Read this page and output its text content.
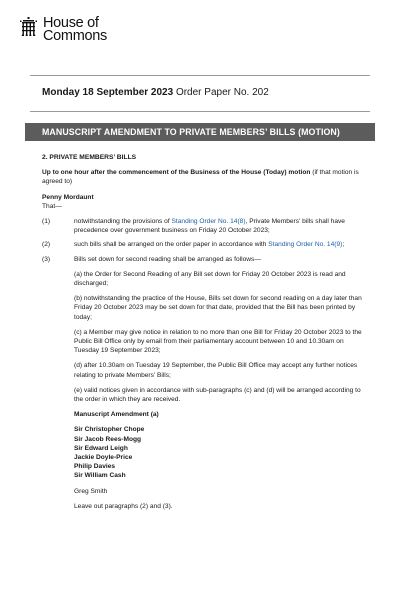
House of
Commons
Monday 18 September 2023 Order Paper No. 202
MANUSCRIPT AMENDMENT TO PRIVATE MEMBERS’ BILLS (MOTION)
2. PRIVATE MEMBERS’ BILLS
Up to one hour after the commencement of the Business of the House (Today) motion (if that motion is agreed to)
Penny Mordaunt
That—
(1)	notwithstanding the provisions of Standing Order No. 14(8), Private Members’ bills shall have precedence over government business on Friday 20 October 2023;
(2)	such bills shall be arranged on the order paper in accordance with Standing Order No. 14(9);
(3)	Bills set down for second reading shall be arranged as follows—
(a) the Order for Second Reading of any Bill set down for Friday 20 October 2023 is read and discharged;
(b) notwithstanding the practice of the House, Bills set down for second reading on a day later than Friday 20 October 2023 may be set down for that date, provided that the Bill has been printed by today;
(c) a Member may give notice in relation to no more than one Bill for Friday 20 October 2023 to the Public Bill Office only by email from their parliamentary account between 10 and 10.30am on Tuesday 19 September 2023;
(d) after 10.30am on Tuesday 19 September, the Public Bill Office may accept any further notices relating to private Members’ Bills;
(e) valid notices given in accordance with sub-paragraphs (c) and (d) will be arranged according to the order in which they are received.
Manuscript Amendment (a)
Sir Christopher Chope
Sir Jacob Rees-Mogg
Sir Edward Leigh
Jackie Doyle-Price
Philip Davies
Sir William Cash
Greg Smith
Leave out paragraphs (2) and (3).
